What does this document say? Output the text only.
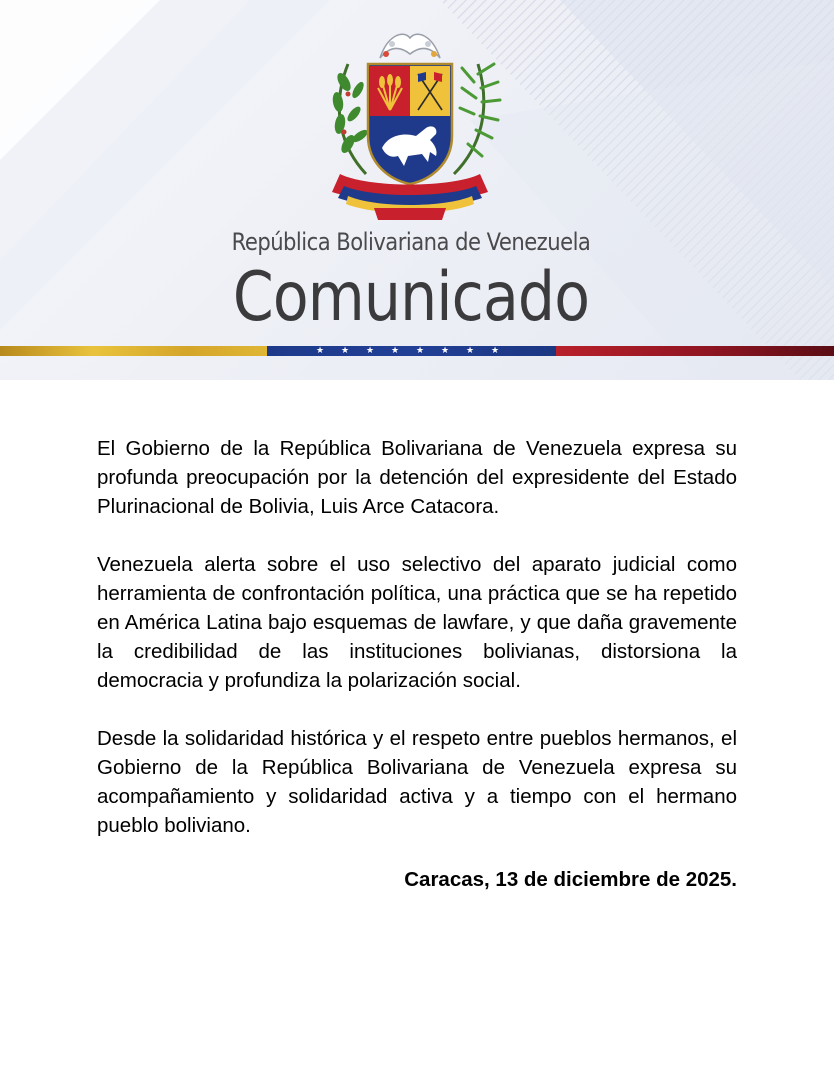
República Bolivariana de Venezuela
Comunicado
★ ★ ★ ★ ★ ★ ★ ★

El Gobierno de la República Bolivariana de Venezuela expresa su profunda preocupación por la detención del expresidente del Estado Plurinacional de Bolivia, Luis Arce Catacora.

Venezuela alerta sobre el uso selectivo del aparato judicial como herramienta de confrontación política, una práctica que se ha repetido en América Latina bajo esquemas de lawfare, y que daña gravemente la credibilidad de las instituciones bolivianas, distorsiona la democracia y profundiza la polarización social.

Desde la solidaridad histórica y el respeto entre pueblos hermanos, el Gobierno de la República Bolivariana de Venezuela expresa su acompañamiento y solidaridad activa y a tiempo con el hermano pueblo boliviano.

Caracas, 13 de diciembre de 2025.
